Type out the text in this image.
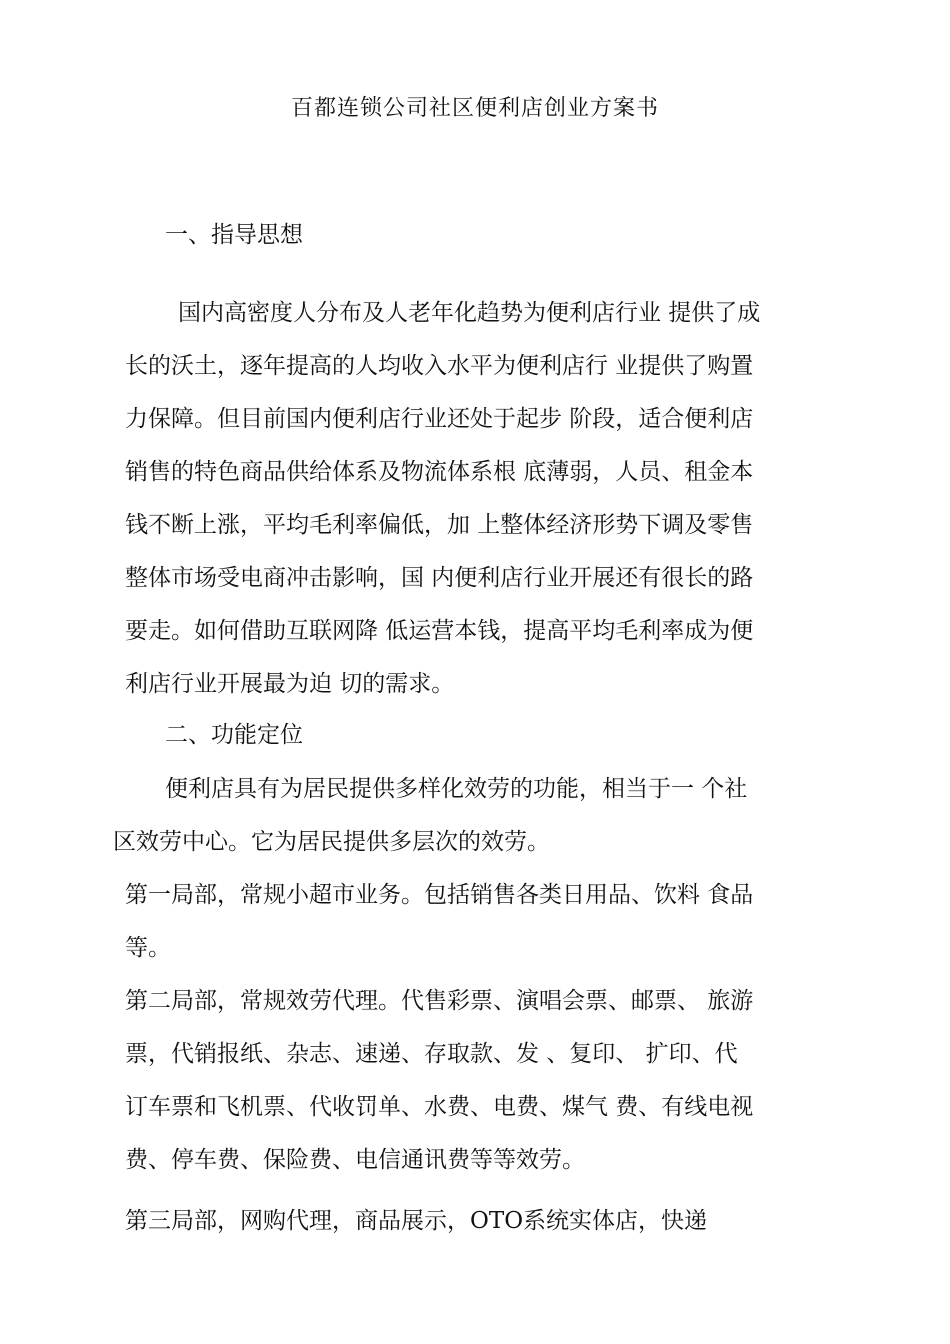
百都连锁公司社区便利店创业方案书
一、指导思想
国内高密度人分布及人老年化趋势为便利店行业 提供了成
长的沃土，逐年提高的人均收入水平为便利店行 业提供了购置
力保障。但目前国内便利店行业还处于起步 阶段，适合便利店
销售的特色商品供给体系及物流体系根 底薄弱，人员、租金本
钱不断上涨，平均毛利率偏低，加 上整体经济形势下调及零售
整体市场受电商冲击影响，国 内便利店行业开展还有很长的路
要走。如何借助互联网降 低运营本钱，提高平均毛利率成为便
利店行业开展最为迫 切的需求。
二、功能定位
便利店具有为居民提供多样化效劳的功能，相当于一 个社
区效劳中心。它为居民提供多层次的效劳。
第一局部，常规小超市业务。包括销售各类日用品、饮料 食品
等。
第二局部，常规效劳代理。代售彩票、演唱会票、邮票、 旅游
票，代销报纸、杂志、速递、存取款、发 、复印、 扩印、代
订车票和飞机票、代收罚单、水费、电费、煤气 费、有线电视
费、停车费、保险费、电信通讯费等等效劳。
第三局部，网购代理，商品展示，OTO系统实体店，快递
